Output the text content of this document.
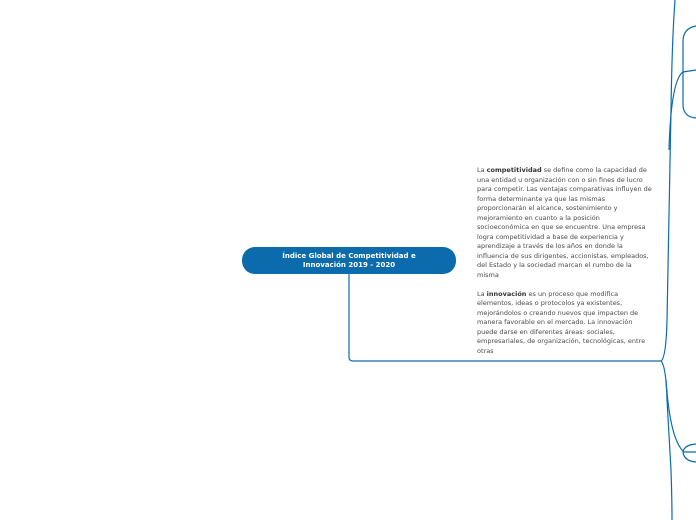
Índice Global de Competitividad e
Innovación 2019 - 2020

La competitividad se define como la capacidad de una entidad u organización con o sin fines de lucro para competir. Las ventajas comparativas influyen de forma determinante ya que las mismas proporcionarán el alcance, sostenimiento y mejoramiento en cuanto a la posición socioeconómica en que se encuentre. Una empresa logra competitividad a base de experiencia y aprendizaje a través de los años en donde la influencia de sus dirigentes, accionistas, empleados, del Estado y la sociedad marcan el rumbo de la misma

La innovación es un proceso que modifica elementos, ideas o protocolos ya existentes, mejorándolos o creando nuevos que impacten de manera favorable en el mercado. La innovación puede darse en diferentes áreas: sociales, empresariales, de organización, tecnológicas, entre otras
